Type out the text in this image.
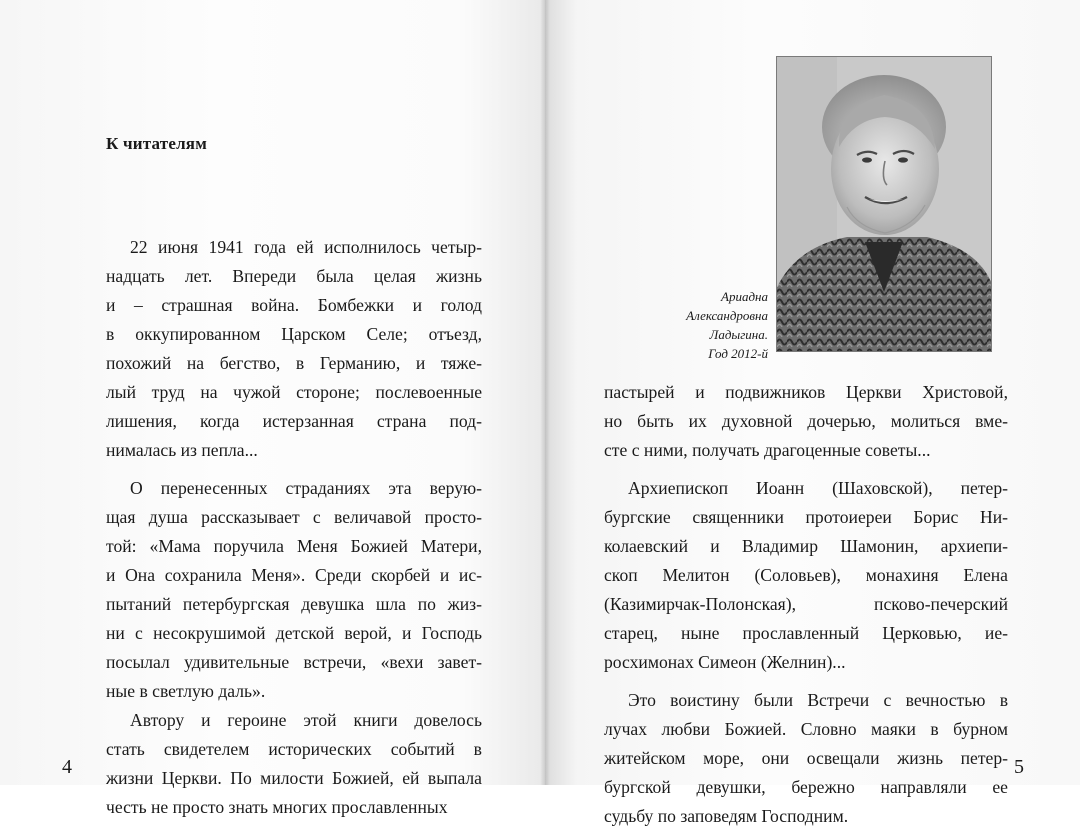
К читателям

22 июня 1941 года ей исполнилось четыр-
надцать лет. Впереди была целая жизнь
и – страшная война. Бомбежки и голод
в оккупированном Царском Селе; отъезд,
похожий на бегство, в Германию, и тяже-
лый труд на чужой стороне; послевоенные
лишения, когда истерзанная страна под-
нималась из пепла...

О перенесенных страданиях эта верую-
щая душа рассказывает с величавой просто-
той: «Мама поручила Меня Божией Матери,
и Она сохранила Меня». Среди скорбей и ис-
пытаний петербургская девушка шла по жиз-
ни с несокрушимой детской верой, и Господь
посылал удивительные встречи, «вехи завет-
ные в светлую даль».

Автору и героине этой книги довелось
стать свидетелем исторических событий в
жизни Церкви. По милости Божией, ей выпала
честь не просто знать многих прославленных

4

Ариадна
Александровна
Ладыгина.
Год 2012-й

пастырей и подвижников Церкви Христовой,
но быть их духовной дочерью, молиться вме-
сте с ними, получать драгоценные советы...

Архиепископ Иоанн (Шаховской), петер-
бургские священники протоиереи Борис Ни-
колаевский и Владимир Шамонин, архиепи-
скоп Мелитон (Соловьев), монахиня Елена
(Казимирчак-Полонская), псково-печерский
старец, ныне прославленный Церковью, ие-
росхимонах Симеон (Желнин)...

Это воистину были Встречи с вечностью в
лучах любви Божией. Словно маяки в бурном
житейском море, они освещали жизнь петер-
бургской девушки, бережно направляли ее
судьбу по заповедям Господним.

5
